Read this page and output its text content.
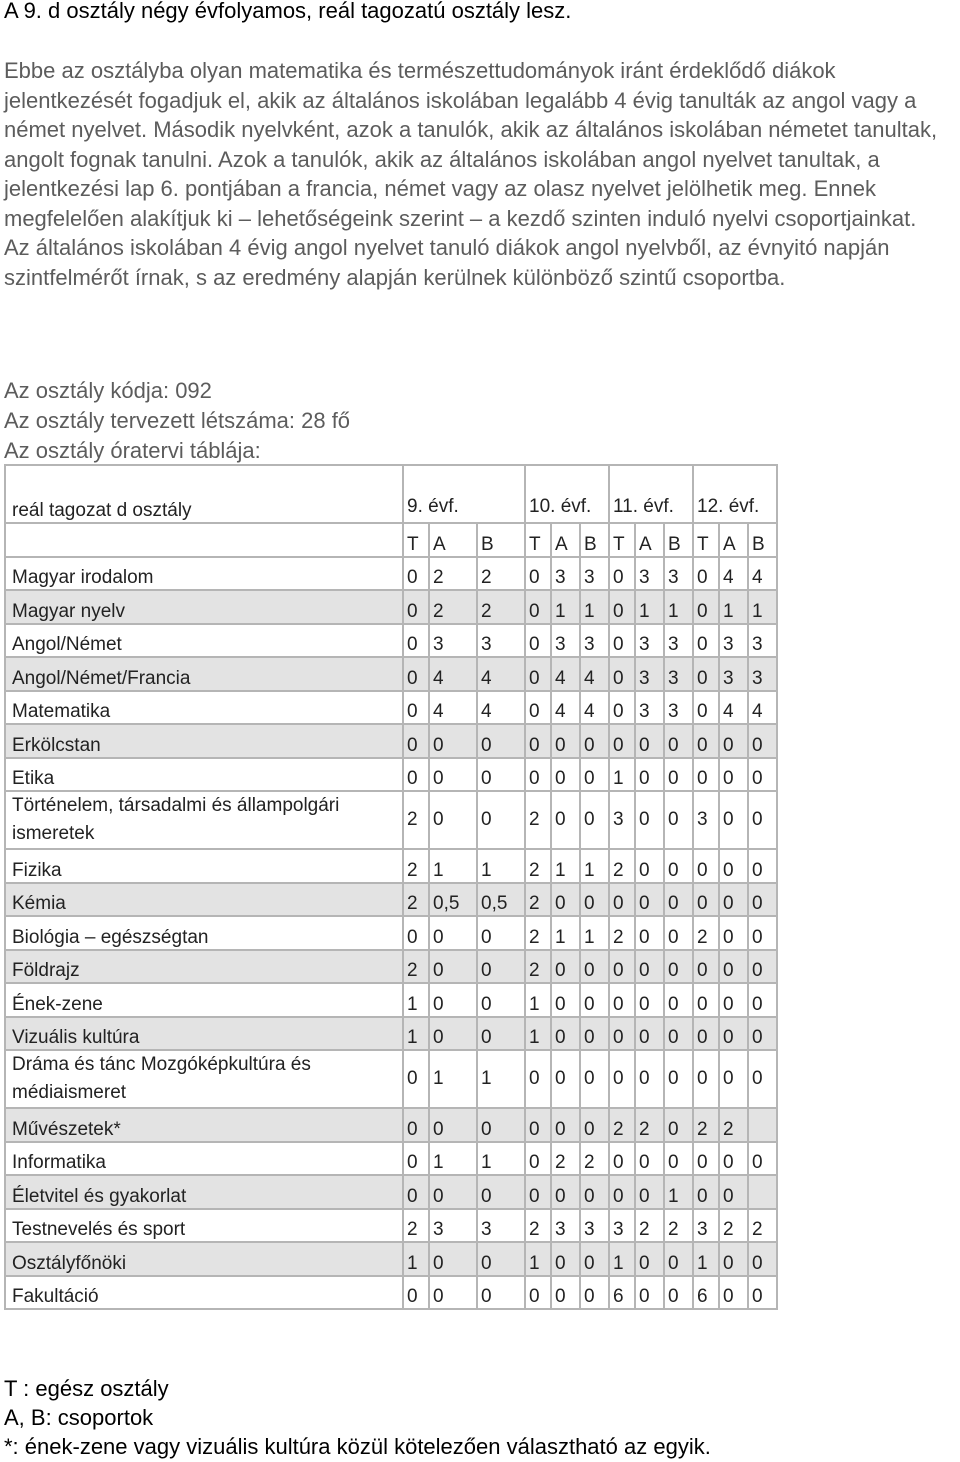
A 9. d osztály négy évfolyamos, reál tagozatú osztály lesz.

Ebbe az osztályba olyan matematika és természettudományok iránt érdeklődő diákok jelentkezését fogadjuk el, akik az általános iskolában legalább 4 évig tanulták az angol vagy a német nyelvet. Második nyelvként, azok a tanulók, akik az általános iskolában németet tanultak, angolt fognak tanulni. Azok a tanulók, akik az általános iskolában angol nyelvet tanultak, a jelentkezési lap 6. pontjában a francia, német vagy az olasz nyelvet jelölhetik meg. Ennek megfelelően alakítjuk ki – lehetőségeink szerint – a kezdő szinten induló nyelvi csoportjainkat.

Az általános iskolában 4 évig angol nyelvet tanuló diákok angol nyelvből, az évnyitó napján szintfelmérőt írnak, s az eredmény alapján kerülnek különböző szintű csoportba.

Az osztály kódja: 092
Az osztály tervezett létszáma: 28 fő
Az osztály óratervi táblája:
reál tagozat d osztály	9. évf.			10. évf.			11. évf.			12. évf.		
	T	A	B	T	A	B	T	A	B	T	A	B
Magyar irodalom	0	2	2	0	3	3	0	3	3	0	4	4
Magyar nyelv	0	2	2	0	1	1	0	1	1	0	1	1
Angol/Német	0	3	3	0	3	3	0	3	3	0	3	3
Angol/Német/Francia	0	4	4	0	4	4	0	3	3	0	3	3
Matematika	0	4	4	0	4	4	0	3	3	0	4	4
Erkölcstan	0	0	0	0	0	0	0	0	0	0	0	0
Etika	0	0	0	0	0	0	1	0	0	0	0	0
Történelem, társadalmi és állampolgári ismeretek	2	0	0	2	0	0	3	0	0	3	0	0
Fizika	2	1	1	2	1	1	2	0	0	0	0	0
Kémia	2	0,5	0,5	2	0	0	0	0	0	0	0	0
Biológia – egészségtan	0	0	0	2	1	1	2	0	0	2	0	0
Földrajz	2	0	0	2	0	0	0	0	0	0	0	0
Ének-zene	1	0	0	1	0	0	0	0	0	0	0	0
Vizuális kultúra	1	0	0	1	0	0	0	0	0	0	0	0
Dráma és tánc Mozgóképkultúra és médiaismeret	0	1	1	0	0	0	0	0	0	0	0	0
Művészetek*	0	0	0	0	0	0	2	2	0	2	2	
Informatika	0	1	1	0	2	2	0	0	0	0	0	0
Életvitel és gyakorlat	0	0	0	0	0	0	0	0	1	0	0	
Testnevelés és sport	2	3	3	2	3	3	3	2	2	3	2	2
Osztályfőnöki	1	0	0	1	0	0	1	0	0	1	0	0
Fakultáció	0	0	0	0	0	0	6	0	0	6	0	0
T : egész osztály
A, B: csoportok
*: ének-zene vagy vizuális kultúra közül kötelezően választható az egyik.
